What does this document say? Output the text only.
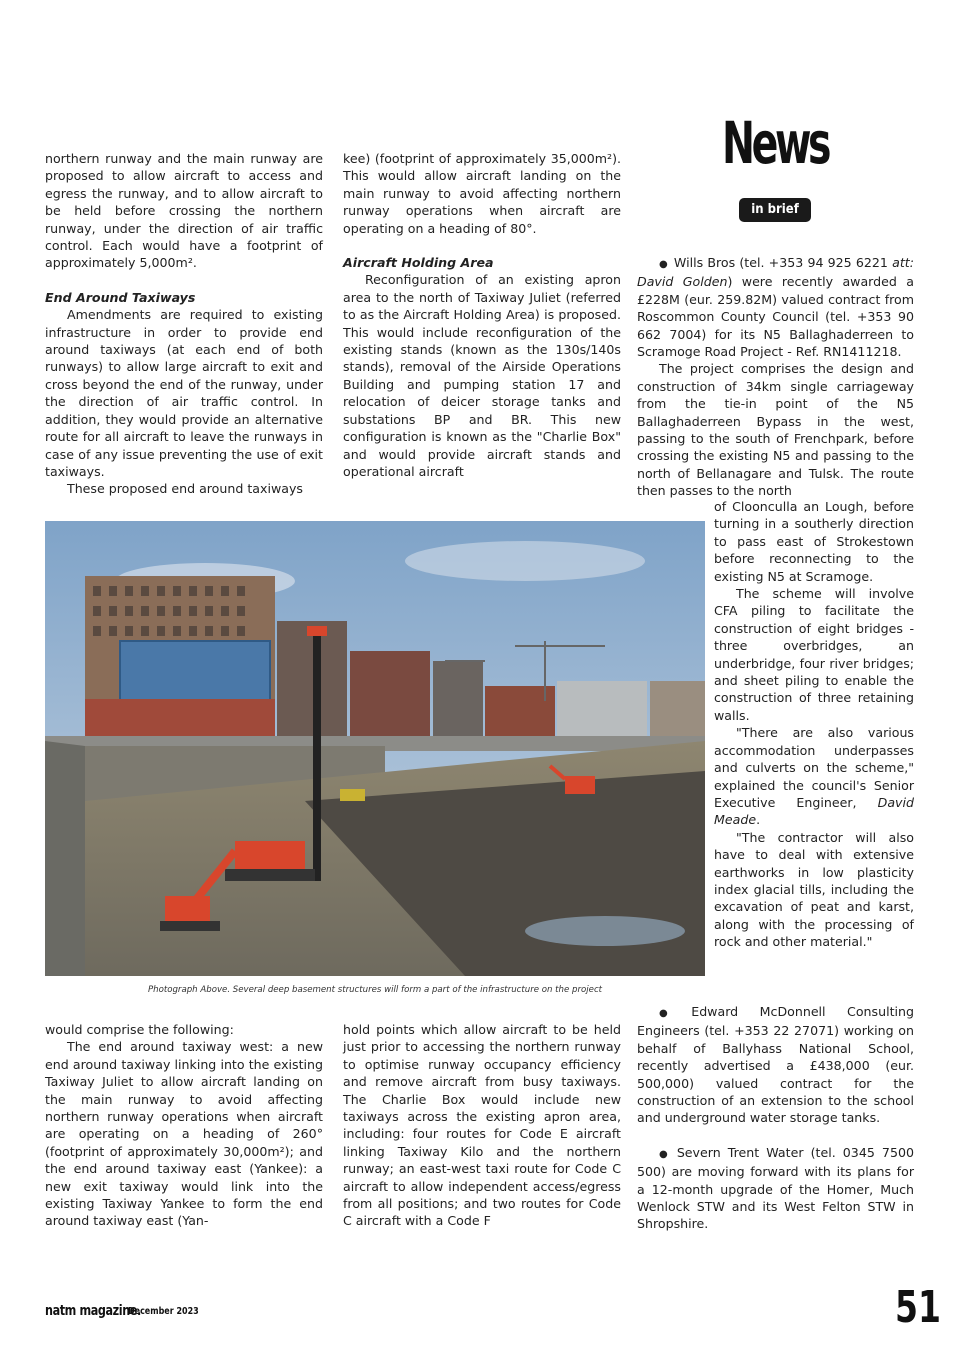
News
in brief

northern runway and the main runway are proposed to allow aircraft to access and egress the runway, and to allow aircraft to be held before crossing the northern runway, under the direction of air traffic control. Each would have a footprint of approximately 5,000m².

End Around Taxiways

Amendments are required to existing infrastructure in order to provide end around taxiways (at each end of both runways) to allow large aircraft to exit and cross beyond the end of the runway, under the direction of air traffic control. In addition, they would provide an alternative route for all aircraft to leave the runways in case of any issue preventing the use of exit taxiways.

These proposed end around taxiways

kee) (footprint of approximately 35,000m²). This would allow aircraft landing on the main runway to avoid affecting northern runway operations when aircraft are operating on a heading of 80°.

Aircraft Holding Area

Reconfiguration of an existing apron area to the north of Taxiway Juliet (referred to as the Aircraft Holding Area) is proposed. This would include reconfiguration of the existing stands (known as the 130s/140s stands), removal of the Airside Operations Building and pumping station 17 and relocation of deicer storage tanks and substations BP and BR. This new configuration is known as the "Charlie Box" and would provide aircraft stands and operational aircraft

● Wills Bros (tel. +353 94 925 6221 att: David Golden) were recently awarded a £228M (eur. 259.82M) valued contract from Roscommon County Council (tel. +353 90 662 7004) for its N5 Ballaghaderreen to Scramoge Road Project - Ref. RN1411218.

The project comprises the design and construction of 34km single carriageway from the tie-in point of the N5 Ballaghaderreen Bypass in the west, passing to the south of Frenchpark, before crossing the existing N5 and passing to the north of Bellanagare and Tulsk. The route then passes to the north

of Cloonculla an Lough, before turning in a southerly direction to pass east of Strokestown before reconnecting to the existing N5 at Scramoge.

The scheme will involve CFA piling to facilitate the construction of eight bridges - three overbridges, an underbridge, four river bridges; and sheet piling to enable the construction of three retaining walls.

"There are also various accommodation underpasses and culverts on the scheme," explained the council's Senior Executive Engineer, David Meade.

"The contractor will also have to deal with extensive earthworks in low plasticity index glacial tills, including the excavation of peat and karst, along with the processing of rock and other material."

Photograph Above. Several deep basement structures will form a part of the infrastructure on the project

would comprise the following:

The end around taxiway west: a new end around taxiway linking into the existing Taxiway Juliet to allow aircraft landing on the main runway to avoid affecting northern runway operations when aircraft are operating on a heading of 260° (footprint of approximately 30,000m²); and the end around taxiway east (Yankee): a new exit taxiway would link into the existing Taxiway Yankee to form the end around taxiway east (Yan-

hold points which allow aircraft to be held just prior to accessing the northern runway to optimise runway occupancy efficiency and remove aircraft from busy taxiways. The Charlie Box would include new taxiways across the existing apron area, including: four routes for Code E aircraft linking Taxiway Kilo and the northern runway; an east-west taxi route for Code C aircraft to allow independent access/egress from all positions; and two routes for Code C aircraft with a Code F

● Edward McDonnell Consulting Engineers (tel. +353 22 27071) working on behalf of Ballyhass National School, recently advertised a £438,000 (eur. 500,000) valued contract for the construction of an extension to the school and underground water storage tanks.

● Severn Trent Water (tel. 0345 7500 500) are moving forward with its plans for a 12-month upgrade of the Homer, Much Wenlock STW and its West Felton STW in Shropshire.

natm magazine.
December 2023	51
